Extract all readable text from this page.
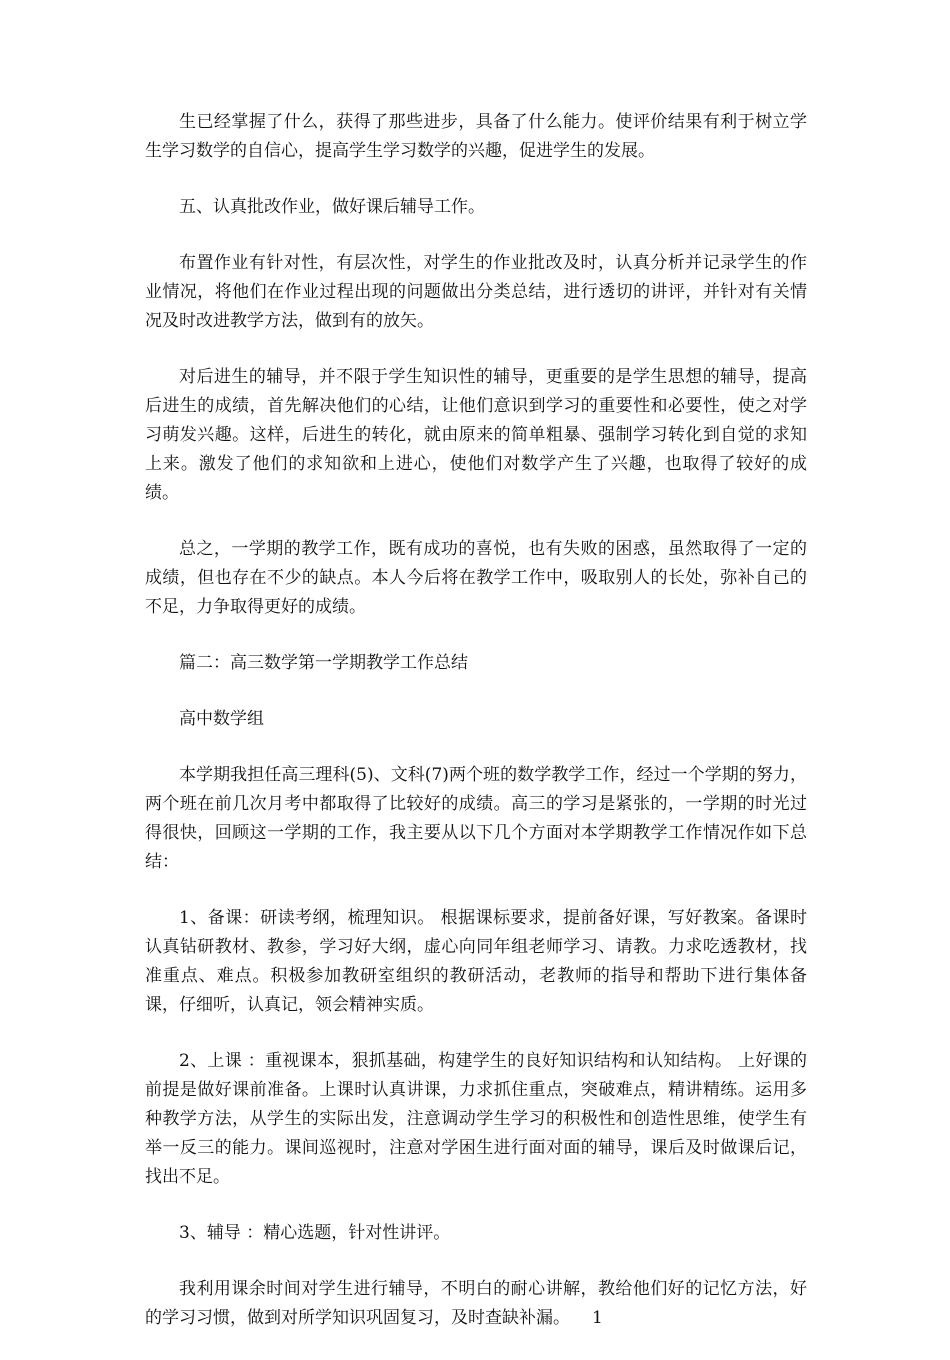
生已经掌握了什么，获得了那些进步，具备了什么能力。使评价结果有利于树立学生学习数学的自信心，提高学生学习数学的兴趣，促进学生的发展。

五、认真批改作业，做好课后辅导工作。

布置作业有针对性，有层次性，对学生的作业批改及时，认真分析并记录学生的作业情况，将他们在作业过程出现的问题做出分类总结，进行透切的讲评，并针对有关情况及时改进教学方法，做到有的放矢。

对后进生的辅导，并不限于学生知识性的辅导，更重要的是学生思想的辅导，提高后进生的成绩，首先解决他们的心结，让他们意识到学习的重要性和必要性，使之对学习萌发兴趣。这样，后进生的转化，就由原来的简单粗暴、强制学习转化到自觉的求知上来。激发了他们的求知欲和上进心，使他们对数学产生了兴趣，也取得了较好的成绩。

总之，一学期的教学工作，既有成功的喜悦，也有失败的困惑，虽然取得了一定的成绩，但也存在不少的缺点。本人今后将在教学工作中，吸取别人的长处，弥补自己的不足，力争取得更好的成绩。

篇二：高三数学第一学期教学工作总结

高中数学组

本学期我担任高三理科(5)、文科(7)两个班的数学教学工作，经过一个学期的努力，两个班在前几次月考中都取得了比较好的成绩。高三的学习是紧张的，一学期的时光过得很快，回顾这一学期的工作，我主要从以下几个方面对本学期教学工作情况作如下总结：

1、备课：研读考纲，梳理知识。 根据课标要求，提前备好课，写好教案。备课时认真钻研教材、教参，学习好大纲，虚心向同年组老师学习、请教。力求吃透教材，找准重点、难点。积极参加教研室组织的教研活动，老教师的指导和帮助下进行集体备课，仔细听，认真记，领会精神实质。

2、上课 ：重视课本，狠抓基础，构建学生的良好知识结构和认知结构。 上好课的前提是做好课前准备。上课时认真讲课，力求抓住重点，突破难点，精讲精练。运用多种教学方法，从学生的实际出发，注意调动学生学习的积极性和创造性思维，使学生有举一反三的能力。课间巡视时，注意对学困生进行面对面的辅导，课后及时做课后记，找出不足。

3、辅导 ：精心选题，针对性讲评。

我利用课余时间对学生进行辅导，不明白的耐心讲解，教给他们好的记忆方法，好的学习习惯，做到对所学知识巩固复习，及时查缺补漏。 1
